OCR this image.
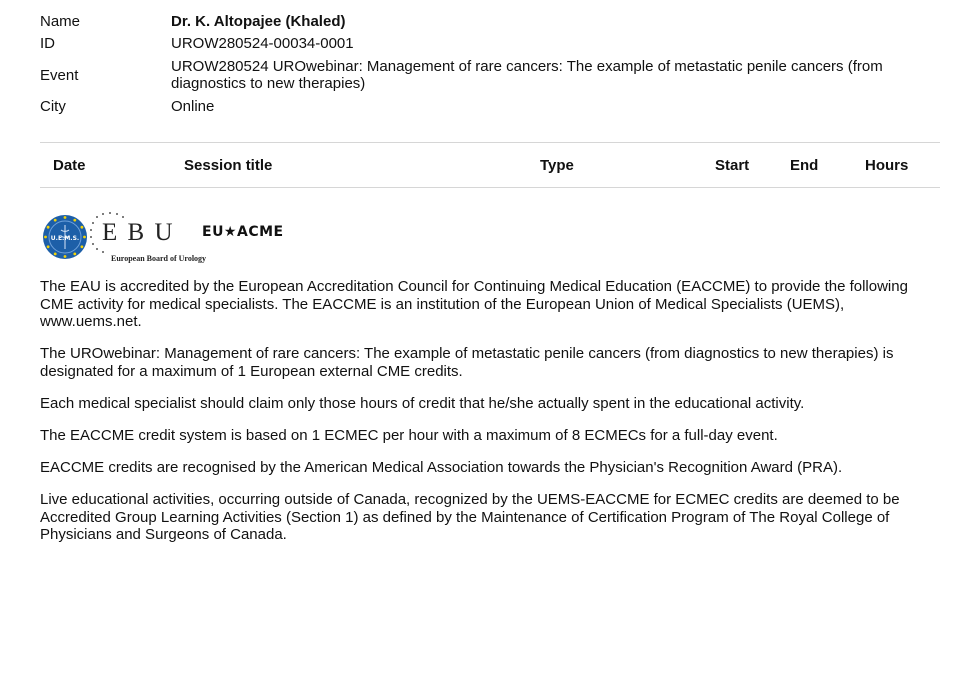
Name	Dr. K. Altopajee (Khaled)
ID	UROW280524-00034-0001
Event	UROW280524 UROwebinar: Management of rare cancers: The example of metastatic penile cancers (from diagnostics to new therapies)
City	Online
Date	Session title	Type	Start	End	Hours
U.E.M.S. E B U
European Board of Urology
EU★ACME

The EAU is accredited by the European Accreditation Council for Continuing Medical Education (EACCME) to provide the following CME activity for medical specialists. The EACCME is an institution of the European Union of Medical Specialists (UEMS), www.uems.net.

The UROwebinar: Management of rare cancers: The example of metastatic penile cancers (from diagnostics to new therapies) is designated for a maximum of 1 European external CME credits.

Each medical specialist should claim only those hours of credit that he/she actually spent in the educational activity.

The EACCME credit system is based on 1 ECMEC per hour with a maximum of 8 ECMECs for a full-day event.

EACCME credits are recognised by the American Medical Association towards the Physician's Recognition Award (PRA).

Live educational activities, occurring outside of Canada, recognized by the UEMS-EACCME for ECMEC credits are deemed to be Accredited Group Learning Activities (Section 1) as defined by the Maintenance of Certification Program of The Royal College of Physicians and Surgeons of Canada.
